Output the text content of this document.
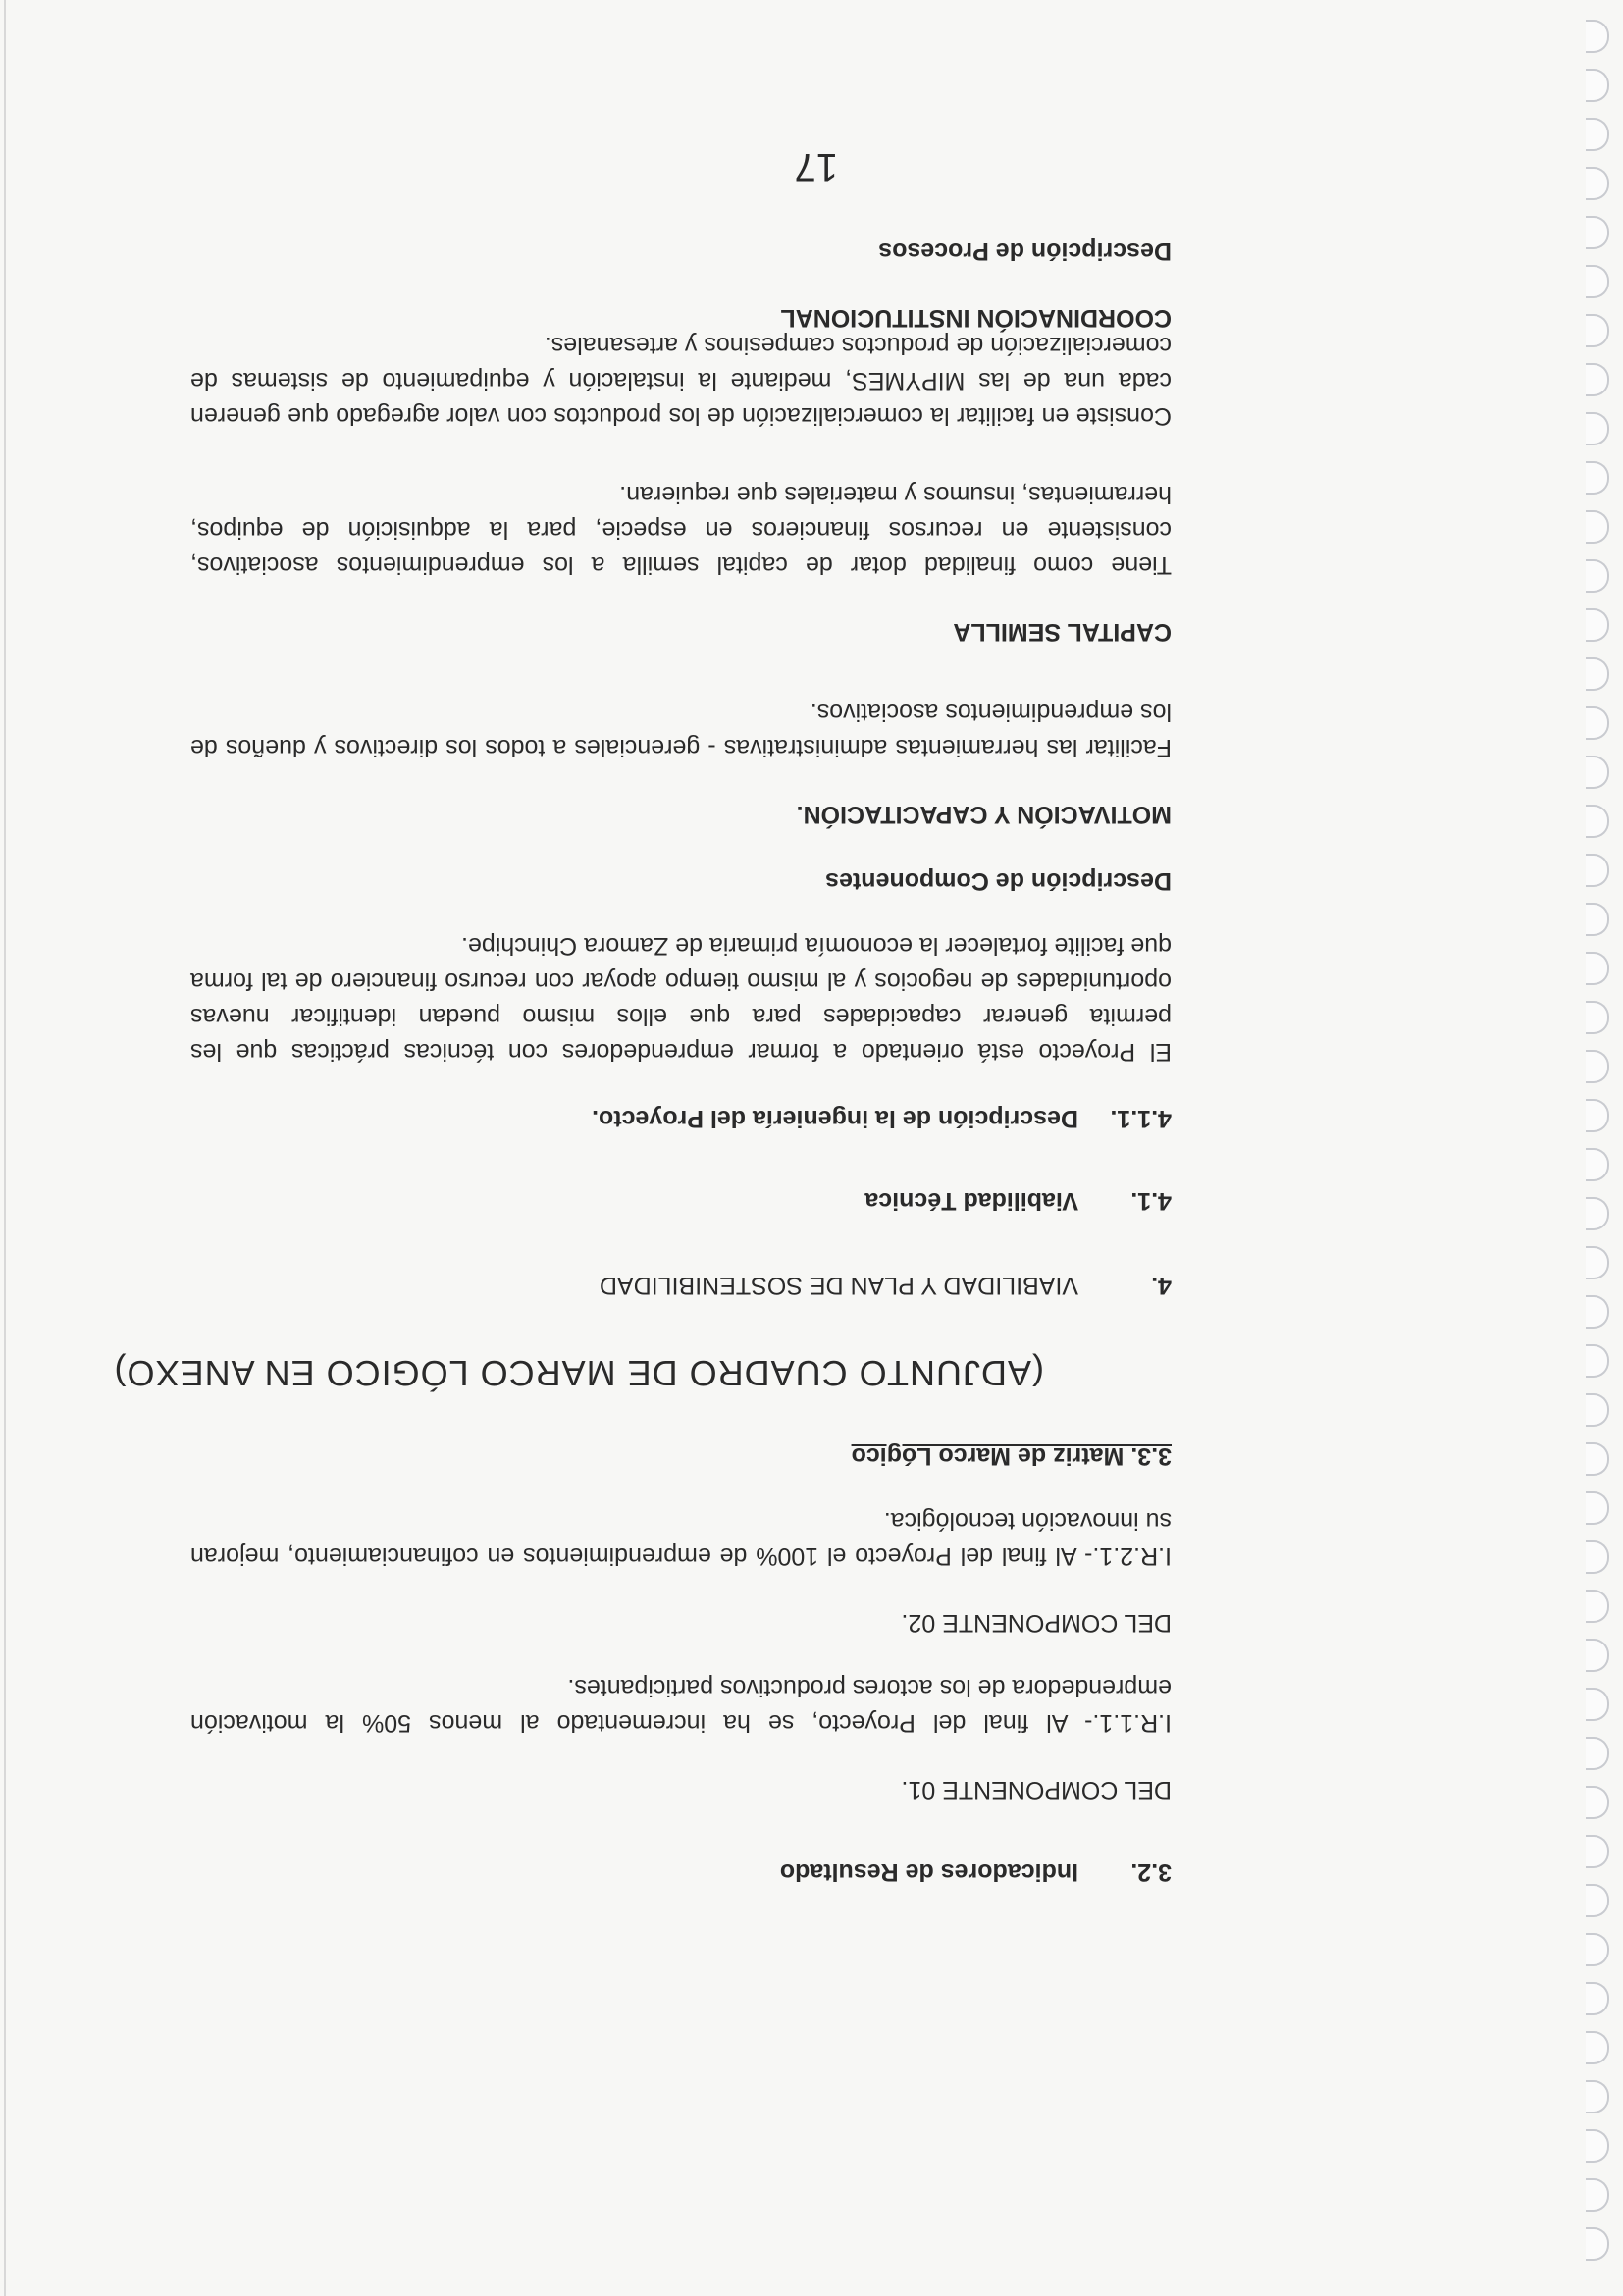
17
Descripción de Procesos
COORDINACIÓN INSTITUCIONAL
Consiste en facilitar la comercialización de los productos con valor agregado que generen cada una de las MIPYMES, mediante la instalación y equipamiento de sistemas de comercialización de productos campesinos y artesanales.
Tiene como finalidad dotar de capital semilla a los emprendimientos asociativos, consistente en recursos financieros en especie, para la adquisición de equipos, herramientas, insumos y materiales que requieran.
CAPITAL SEMILLA
Facilitar las herramientas administrativas - gerenciales a todos los directivos y dueños de los emprendimientos asociativos.
MOTIVACIÓN Y CAPACITACIÓN.
Descripción de Componentes
El Proyecto está orientado a formar emprendedores con técnicas prácticas que les permita generar capacidades para que ellos mismo puedan identificar nuevas oportunidades de negocios y al mismo tiempo apoyar con recurso financiero de tal forma que facilite fortalecer la economía primaria de Zamora Chinchipe.
4.1.1. Descripción de la ingeniería del Proyecto.
4.1. Viabilidad Técnica
4. VIABILIDAD Y PLAN DE SOSTENIBILIDAD
(ADJUNTO CUADRO DE MARCO LÓGICO EN ANEXO)
3.3. Matriz de Marco Lógico
I.R.2.1.- Al final del Proyecto el 100% de emprendimientos en cofinanciamiento, mejoran su innovación tecnológica.
DEL COMPONENTE 02.
I.R.1.1.- Al final del Proyecto, se ha incrementado al menos 50% la motivación emprendedora de los actores productivos participantes.
DEL COMPONENTE 01.
3.2. Indicadores de Resultado
